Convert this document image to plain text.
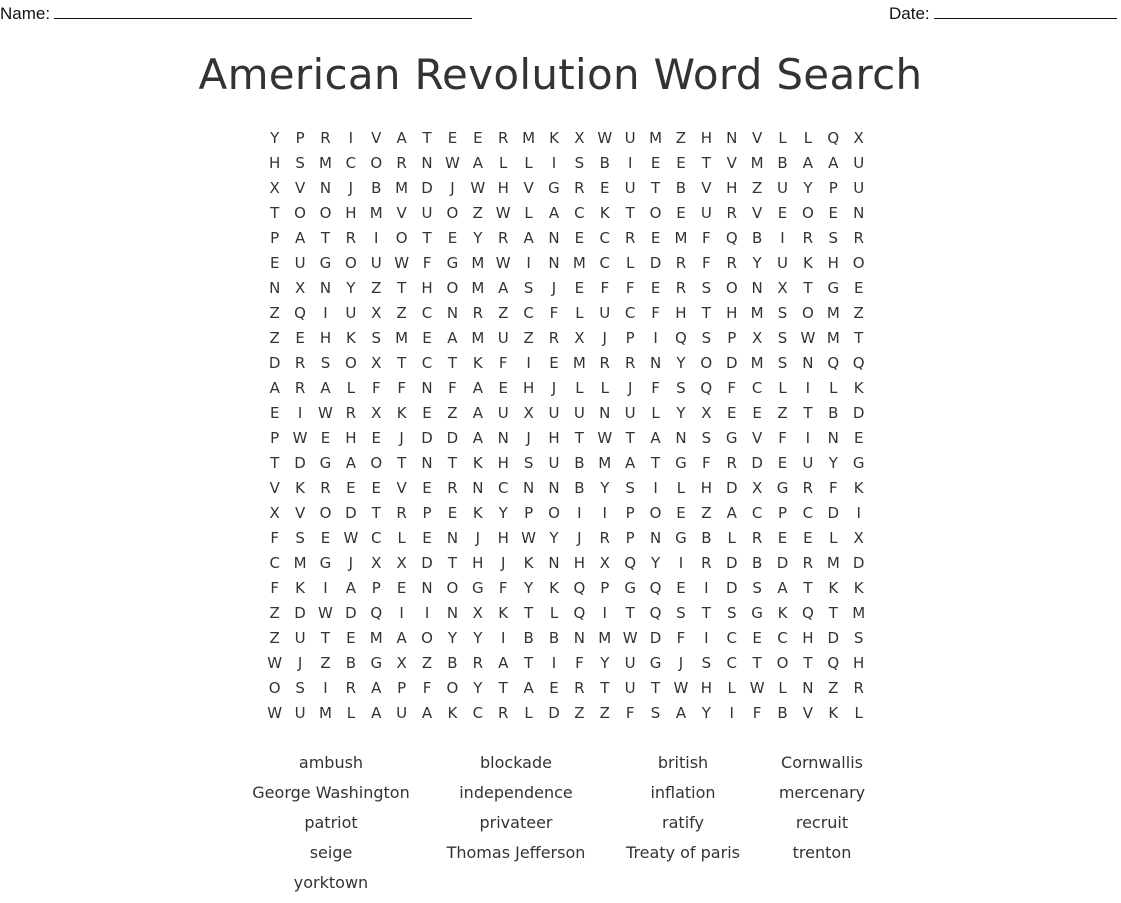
Name:	Date:
American Revolution Word Search
Y P R I V A T E E R M K X W U M Z H N V L L Q X
H S M C O R N W A L L I S B I E E T V M B A A U
X V N J B M D J W H V G R E U T B V H Z U Y P U
T O O H M V U O Z W L A C K T O E U R V E O E N
P A T R I O T E Y R A N E C R E M F Q B I R S R
E U G O U W F G M W I N M C L D R F R Y U K H O
N X N Y Z T H O M A S J E F F E R S O N X T G E
Z Q I U X Z C N R Z C F L U C F H T H M S O M Z
Z E H K S M E A M U Z R X J P I Q S P X S W M T
D R S O X T C T K F I E M R R N Y O D M S N Q Q
A R A L F F N F A E H J L L J F S Q F C L I L K
E I W R X K E Z A U X U U N U L Y X E E Z T B D
P W E H E J D D A N J H T W T A N S G V F I N E
T D G A O T N T K H S U B M A T G F R D E U Y G
V K R E E V E R N C N N B Y S I L H D X G R F K
X V O D T R P E K Y P O I I P O E Z A C P C D I
F S E W C L E N J H W Y J R P N G B L R E E L X
C M G J X X D T H J K N H X Q Y I R D B D R M D
F K I A P E N O G F Y K Q P G Q E I D S A T K K
Z D W D Q I I N X K T L Q I T Q S T S G K Q T M
Z U T E M A O Y Y I B B N M W D F I C E C H D S
W J Z B G X Z B R A T I F Y U G J S C T O T Q H
O S I R A P F O Y T A E R T U T W H L W L N Z R
W U M L A U A K C R L D Z Z F S A Y I F B V K L
ambush	blockade	british	Cornwallis
George Washington	independence	inflation	mercenary
patriot	privateer	ratify	recruit
seige	Thomas Jefferson	Treaty of paris	trenton
yorktown
